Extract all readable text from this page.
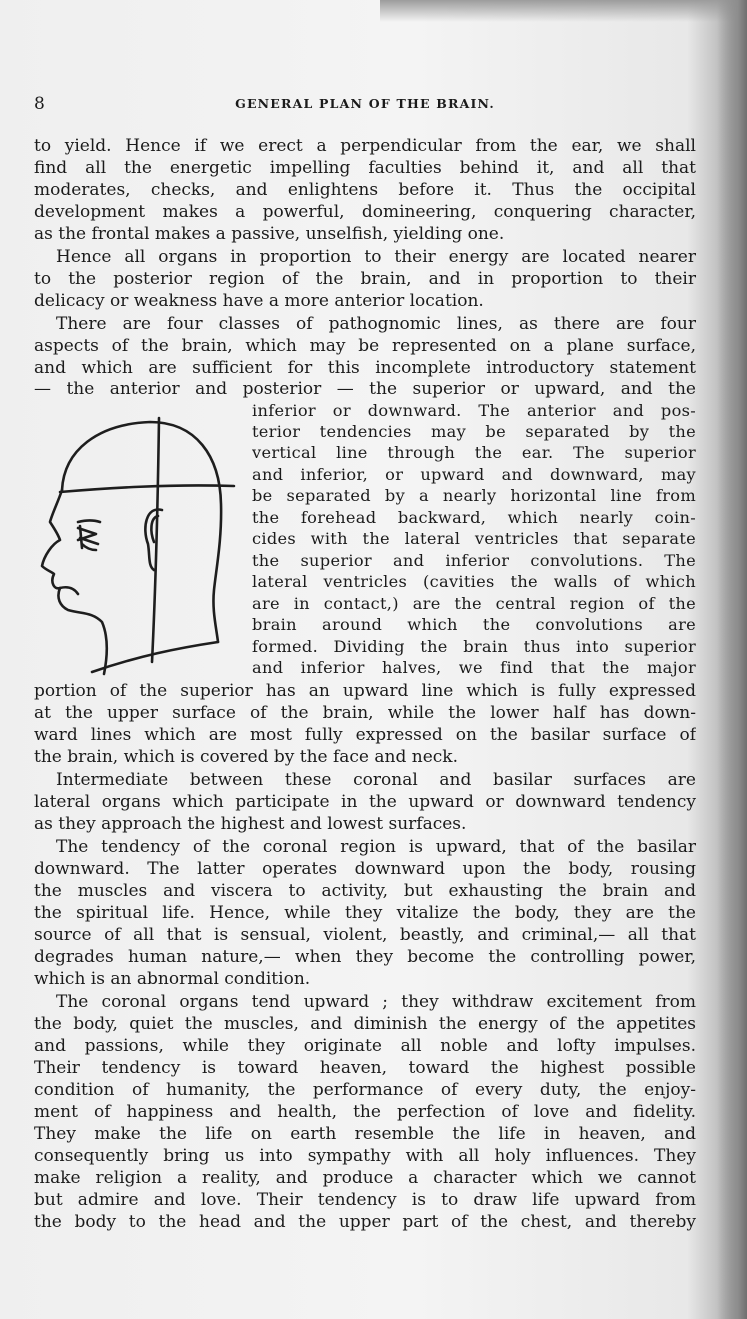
8	GENERAL PLAN OF THE BRAIN.
to yield. Hence if we erect a perpendicular from the ear, we shall
find all the energetic impelling faculties behind it, and all that
moderates, checks, and enlightens before it. Thus the occipital
development makes a powerful, domineering, conquering character,
as the frontal makes a passive, unselfish, yielding one.
Hence all organs in proportion to their energy are located nearer
to the posterior region of the brain, and in proportion to their
delicacy or weakness have a more anterior location.
There are four classes of pathognomic lines, as there are four
aspects of the brain, which may be represented on a plane surface,
and which are sufficient for this incomplete introductory statement
— the anterior and posterior — the superior or upward, and the
inferior or downward. The anterior and pos-
terior tendencies may be separated by the
vertical line through the ear. The superior
and inferior, or upward and downward, may
be separated by a nearly horizontal line from
the forehead backward, which nearly coin-
cides with the lateral ventricles that separate
the superior and inferior convolutions. The
lateral ventricles (cavities the walls of which
are in contact,) are the central region of the
brain around which the convolutions are
formed. Dividing the brain thus into superior
and inferior halves, we find that the major
portion of the superior has an upward line which is fully expressed
at the upper surface of the brain, while the lower half has down-
ward lines which are most fully expressed on the basilar surface of
the brain, which is covered by the face and neck.
Intermediate between these coronal and basilar surfaces are
lateral organs which participate in the upward or downward tendency
as they approach the highest and lowest surfaces.
The tendency of the coronal region is upward, that of the basilar
downward. The latter operates downward upon the body, rousing
the muscles and viscera to activity, but exhausting the brain and
the spiritual life. Hence, while they vitalize the body, they are the
source of all that is sensual, violent, beastly, and criminal,— all that
degrades human nature,— when they become the controlling power,
which is an abnormal condition.
The coronal organs tend upward ; they withdraw excitement from
the body, quiet the muscles, and diminish the energy of the appetites
and passions, while they originate all noble and lofty impulses.
Their tendency is toward heaven, toward the highest possible
condition of humanity, the performance of every duty, the enjoy-
ment of happiness and health, the perfection of love and fidelity.
They make the life on earth resemble the life in heaven, and
consequently bring us into sympathy with all holy influences. They
make religion a reality, and produce a character which we cannot
but admire and love. Their tendency is to draw life upward from
the body to the head and the upper part of the chest, and thereby
